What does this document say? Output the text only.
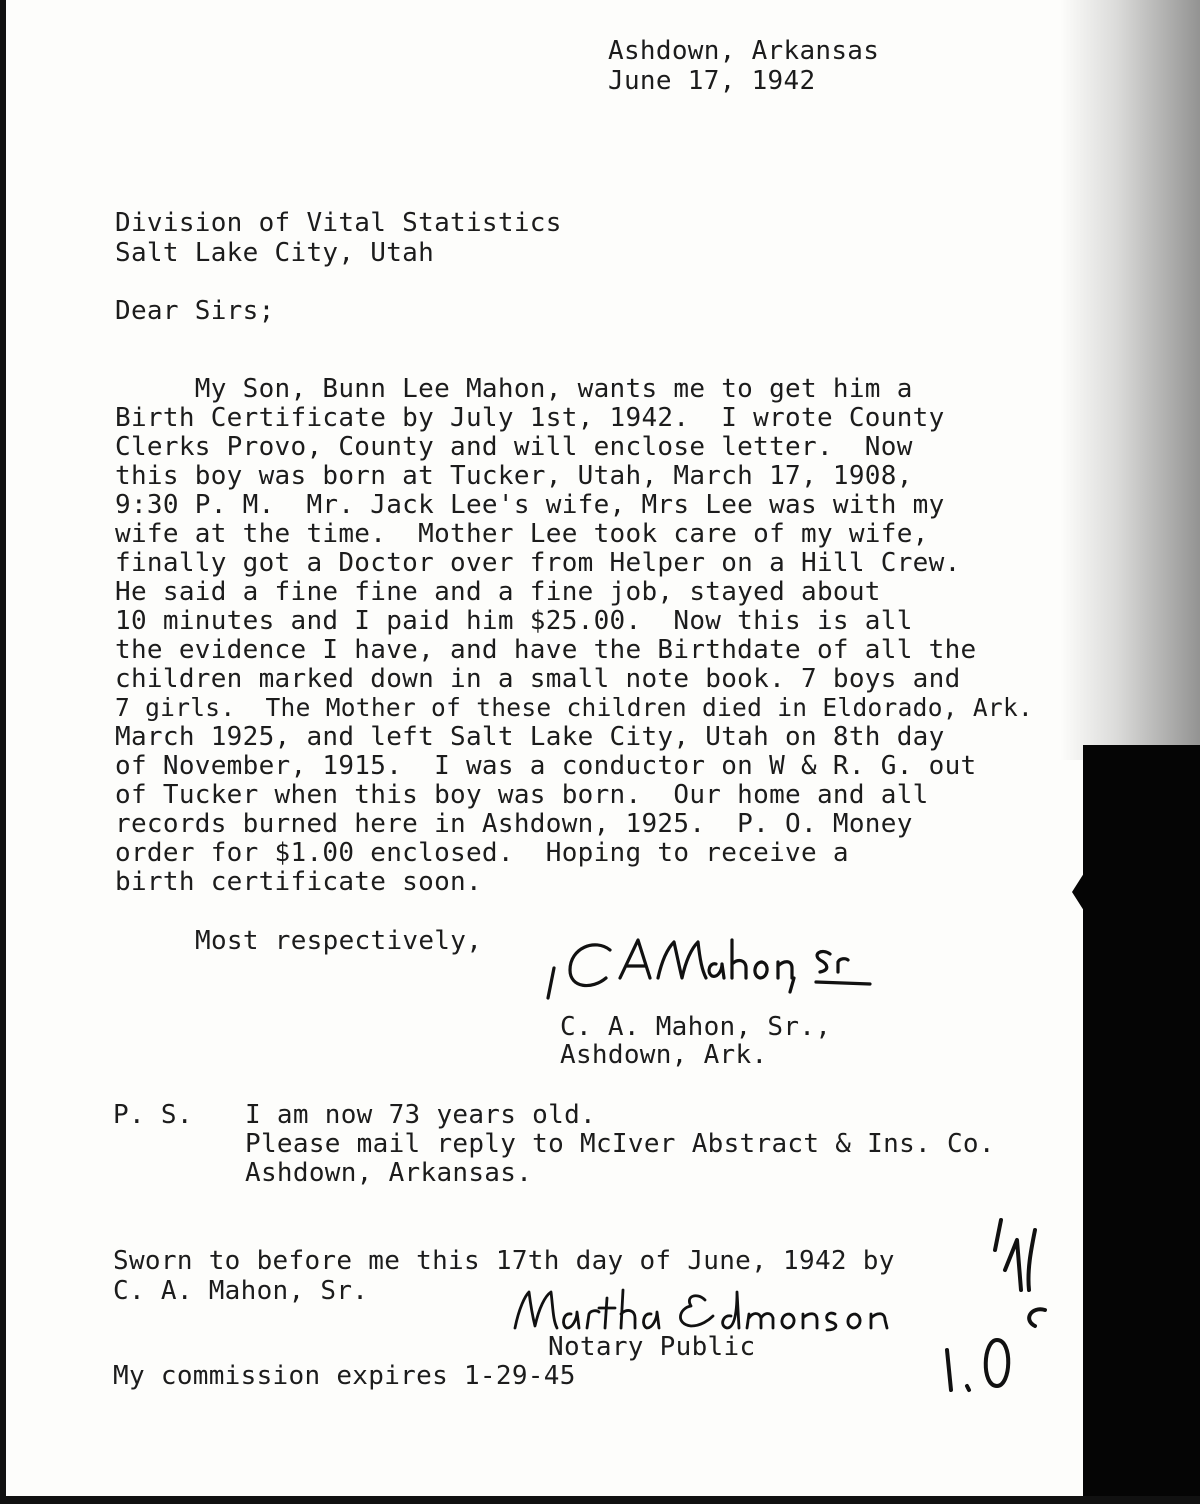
Ashdown, Arkansas
June 17, 1942
Division of Vital Statistics
Salt Lake City, Utah
Dear Sirs;
My Son, Bunn Lee Mahon, wants me to get him a
Birth Certificate by July 1st, 1942.  I wrote County
Clerks Provo, County and will enclose letter.  Now
this boy was born at Tucker, Utah, March 17, 1908,
9:30 P. M.  Mr. Jack Lee's wife, Mrs Lee was with my
wife at the time.  Mother Lee took care of my wife,
finally got a Doctor over from Helper on a Hill Crew.
He said a fine fine and a fine job, stayed about
10 minutes and I paid him $25.00.  Now this is all
the evidence I have, and have the Birthdate of all the
children marked down in a small note book. 7 boys and
7 girls.  The Mother of these children died in Eldorado, Ark.
March 1925, and left Salt Lake City, Utah on 8th day
of November, 1915.  I was a conductor on W & R. G. out
of Tucker when this boy was born.  Our home and all
records burned here in Ashdown, 1925.  P. O. Money
order for $1.00 enclosed.  Hoping to receive a
birth certificate soon.
Most respectively,
C. A. Mahon, Sr.,
Ashdown, Ark.
P. S. I am now 73 years old.
Please mail reply to McIver Abstract & Ins. Co.
Ashdown, Arkansas.
Sworn to before me this 17th day of June, 1942 by
C. A. Mahon, Sr.
Notary Public
My commission expires 1-29-45
